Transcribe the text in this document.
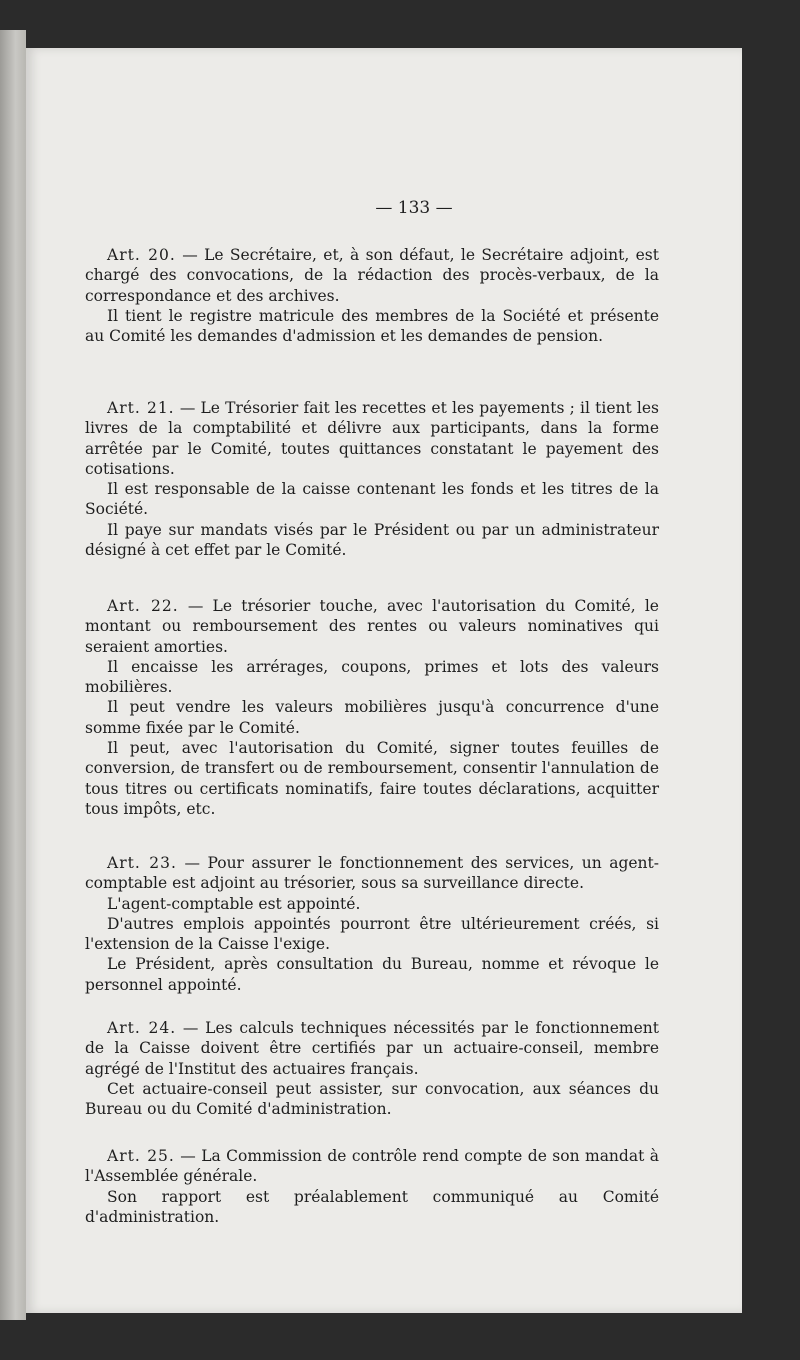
— 133 —

Art. 20. — Le Secrétaire, et, à son défaut, le Secrétaire adjoint, est chargé des convocations, de la rédaction des procès-verbaux, de la correspondance et des archives.

Il tient le registre matricule des membres de la Société et présente au Comité les demandes d'admission et les demandes de pension.

Art. 21. — Le Trésorier fait les recettes et les payements ; il tient les livres de la comptabilité et délivre aux participants, dans la forme arrêtée par le Comité, toutes quittances constatant le payement des cotisations.

Il est responsable de la caisse contenant les fonds et les titres de la Société.

Il paye sur mandats visés par le Président ou par un administrateur désigné à cet effet par le Comité.

Art. 22. — Le trésorier touche, avec l'autorisation du Comité, le montant ou remboursement des rentes ou valeurs nominatives qui seraient amorties.

Il encaisse les arrérages, coupons, primes et lots des valeurs mobilières.

Il peut vendre les valeurs mobilières jusqu'à concurrence d'une somme fixée par le Comité.

Il peut, avec l'autorisation du Comité, signer toutes feuilles de conversion, de transfert ou de remboursement, consentir l'annulation de tous titres ou certificats nominatifs, faire toutes déclarations, acquitter tous impôts, etc.

Art. 23. — Pour assurer le fonctionnement des services, un agent-comptable est adjoint au trésorier, sous sa surveillance directe.

L'agent-comptable est appointé.

D'autres emplois appointés pourront être ultérieurement créés, si l'extension de la Caisse l'exige.

Le Président, après consultation du Bureau, nomme et révoque le personnel appointé.

Art. 24. — Les calculs techniques nécessités par le fonctionnement de la Caisse doivent être certifiés par un actuaire-conseil, membre agrégé de l'Institut des actuaires français.

Cet actuaire-conseil peut assister, sur convocation, aux séances du Bureau ou du Comité d'administration.

Art. 25. — La Commission de contrôle rend compte de son mandat à l'Assemblée générale.

Son rapport est préalablement communiqué au Comité d'administration.
